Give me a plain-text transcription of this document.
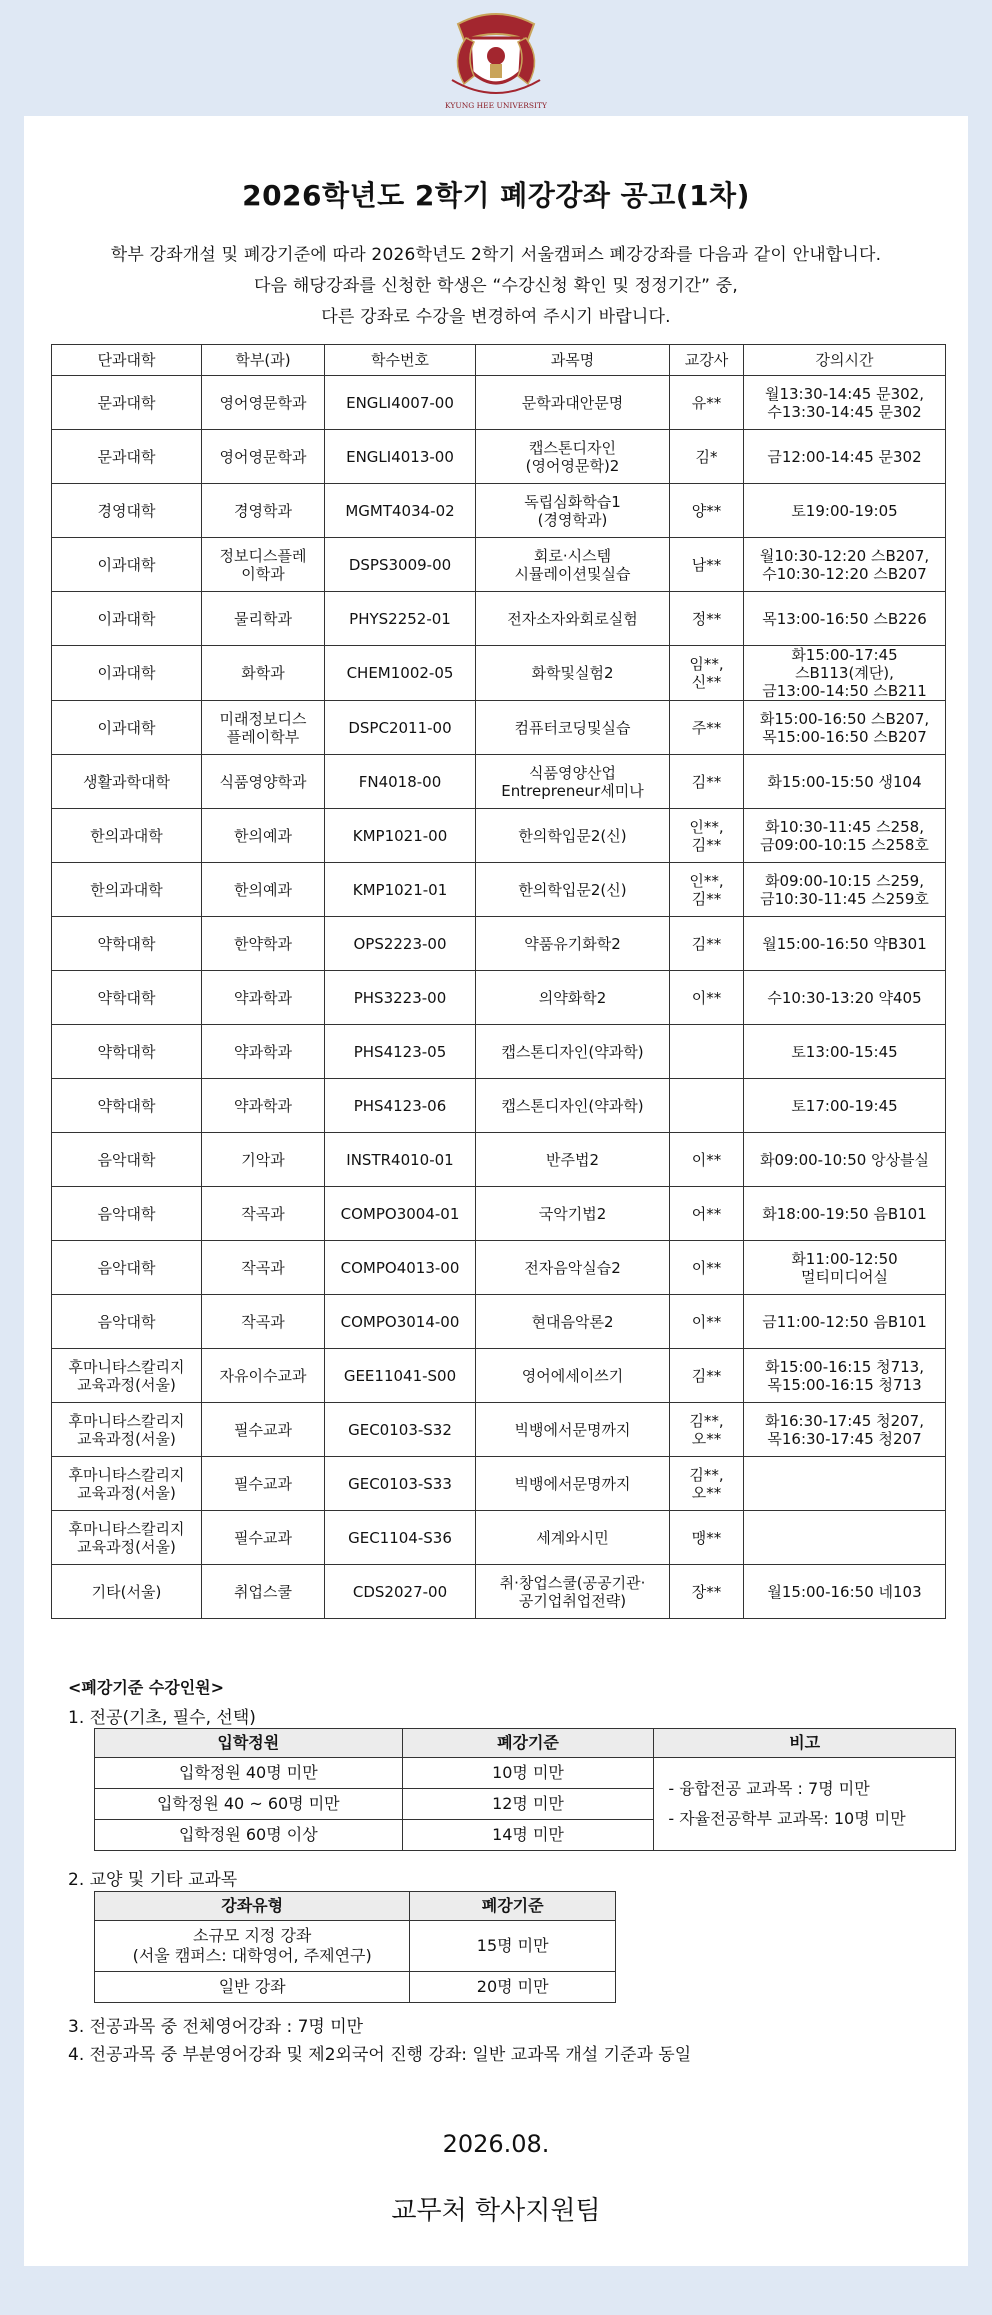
KYUNG HEE UNIVERSITY
2026학년도 2학기 폐강강좌 공고(1차)
학부 강좌개설 및 폐강기준에 따라 2026학년도 2학기 서울캠퍼스 폐강강좌를 다음과 같이 안내합니다.
다음 해당강좌를 신청한 학생은 “수강신청 확인 및 정정기간” 중,
다른 강좌로 수강을 변경하여 주시기 바랍니다.
단과대학	학부(과)	학수번호	과목명	교강사	강의시간
문과대학	영어영문학과	ENGLI4007-00	문학과대안문명	유**	월13:30-14:45 문302,
수13:30-14:45 문302
문과대학	영어영문학과	ENGLI4013-00	캡스톤디자인
(영어영문학)2	김*	금12:00-14:45 문302
경영대학	경영학과	MGMT4034-02	독립심화학습1
(경영학과)	양**	토19:00-19:05
이과대학	정보디스플레
이학과	DSPS3009-00	회로·시스템
시뮬레이션및실습	남**	월10:30-12:20 스B207,
수10:30-12:20 스B207
이과대학	물리학과	PHYS2252-01	전자소자와회로실험	정**	목13:00-16:50 스B226
이과대학	화학과	CHEM1002-05	화학및실험2	임**,
신**	화15:00-17:45
스B113(계단),
금13:00-14:50 스B211
이과대학	미래정보디스
플레이학부	DSPC2011-00	컴퓨터코딩및실습	주**	화15:00-16:50 스B207,
목15:00-16:50 스B207
생활과학대학	식품영양학과	FN4018-00	식품영양산업
Entrepreneur세미나	김**	화15:00-15:50 생104
한의과대학	한의예과	KMP1021-00	한의학입문2(신)	인**,
김**	화10:30-11:45 스258,
금09:00-10:15 스258호
한의과대학	한의예과	KMP1021-01	한의학입문2(신)	인**,
김**	화09:00-10:15 스259,
금10:30-11:45 스259호
약학대학	한약학과	OPS2223-00	약품유기화학2	김**	월15:00-16:50 약B301
약학대학	약과학과	PHS3223-00	의약화학2	이**	수10:30-13:20 약405
약학대학	약과학과	PHS4123-05	캡스톤디자인(약과학)		토13:00-15:45
약학대학	약과학과	PHS4123-06	캡스톤디자인(약과학)		토17:00-19:45
음악대학	기악과	INSTR4010-01	반주법2	이**	화09:00-10:50 앙상블실
음악대학	작곡과	COMPO3004-01	국악기법2	어**	화18:00-19:50 음B101
음악대학	작곡과	COMPO4013-00	전자음악실습2	이**	화11:00-12:50
멀티미디어실
음악대학	작곡과	COMPO3014-00	현대음악론2	이**	금11:00-12:50 음B101
후마니타스칼리지
교육과정(서울)	자유이수교과	GEE11041-S00	영어에세이쓰기	김**	화15:00-16:15 청713,
목15:00-16:15 청713
후마니타스칼리지
교육과정(서울)	필수교과	GEC0103-S32	빅뱅에서문명까지	김**,
오**	화16:30-17:45 청207,
목16:30-17:45 청207
후마니타스칼리지
교육과정(서울)	필수교과	GEC0103-S33	빅뱅에서문명까지	김**,
오**	
후마니타스칼리지
교육과정(서울)	필수교과	GEC1104-S36	세계와시민	맹**	
기타(서울)	취업스쿨	CDS2027-00	취·창업스쿨(공공기관·
공기업취업전략)	장**	월15:00-16:50 네103
<폐강기준 수강인원>
1. 전공(기초, 필수, 선택)
입학정원	폐강기준	비고
입학정원 40명 미만	10명 미만	- 융합전공 교과목 : 7명 미만
- 자율전공학부 교과목: 10명 미만

입학정원 40 ~ 60명 미만	12명 미만	
입학정원 60명 이상	14명 미만	
2. 교양 및 기타 교과목
강좌유형	폐강기준
소규모 지정 강좌
(서울 캠퍼스: 대학영어, 주제연구)	15명 미만
일반 강좌	20명 미만
3. 전공과목 중 전체영어강좌 : 7명 미만
4. 전공과목 중 부분영어강좌 및 제2외국어 진행 강좌: 일반 교과목 개설 기준과 동일
2026.08.
교무처 학사지원팀
